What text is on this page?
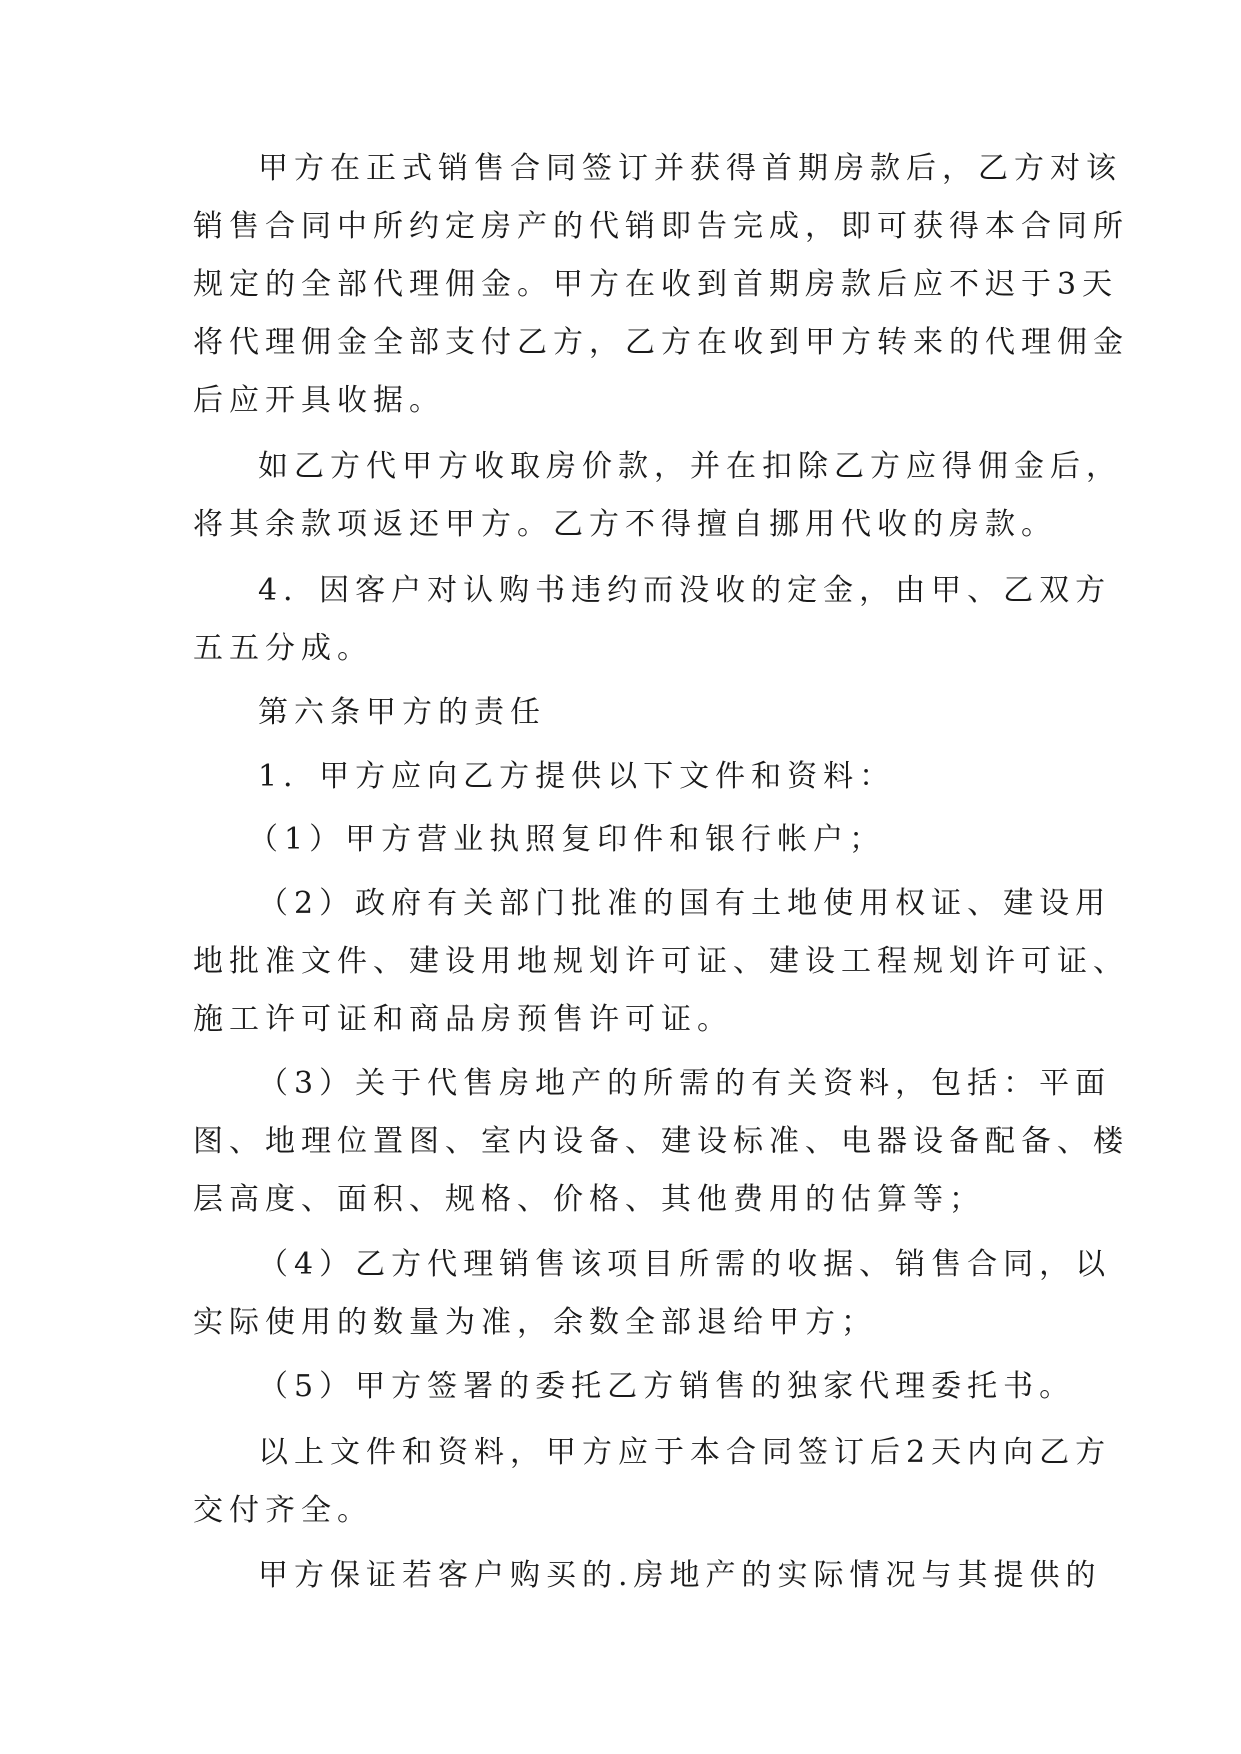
甲方在正式销售合同签订并获得首期房款后，乙方对该
销售合同中所约定房产的代销即告完成，即可获得本合同所
规定的全部代理佣金。甲方在收到首期房款后应不迟于3天
将代理佣金全部支付乙方，乙方在收到甲方转来的代理佣金
后应开具收据。
如乙方代甲方收取房价款，并在扣除乙方应得佣金后，
将其余款项返还甲方。乙方不得擅自挪用代收的房款。
4．因客户对认购书违约而没收的定金，由甲、乙双方
五五分成。
第六条甲方的责任
1．甲方应向乙方提供以下文件和资料：
（1）甲方营业执照复印件和银行帐户；
（2）政府有关部门批准的国有土地使用权证、建设用
地批准文件、建设用地规划许可证、建设工程规划许可证、
施工许可证和商品房预售许可证。
（3）关于代售房地产的所需的有关资料，包括：平面
图、地理位置图、室内设备、建设标准、电器设备配备、楼
层高度、面积、规格、价格、其他费用的估算等；
（4）乙方代理销售该项目所需的收据、销售合同，以
实际使用的数量为准，余数全部退给甲方；
（5）甲方签署的委托乙方销售的独家代理委托书。
以上文件和资料，甲方应于本合同签订后2天内向乙方
交付齐全。
甲方保证若客户购买的.房地产的实际情况与其提供的
